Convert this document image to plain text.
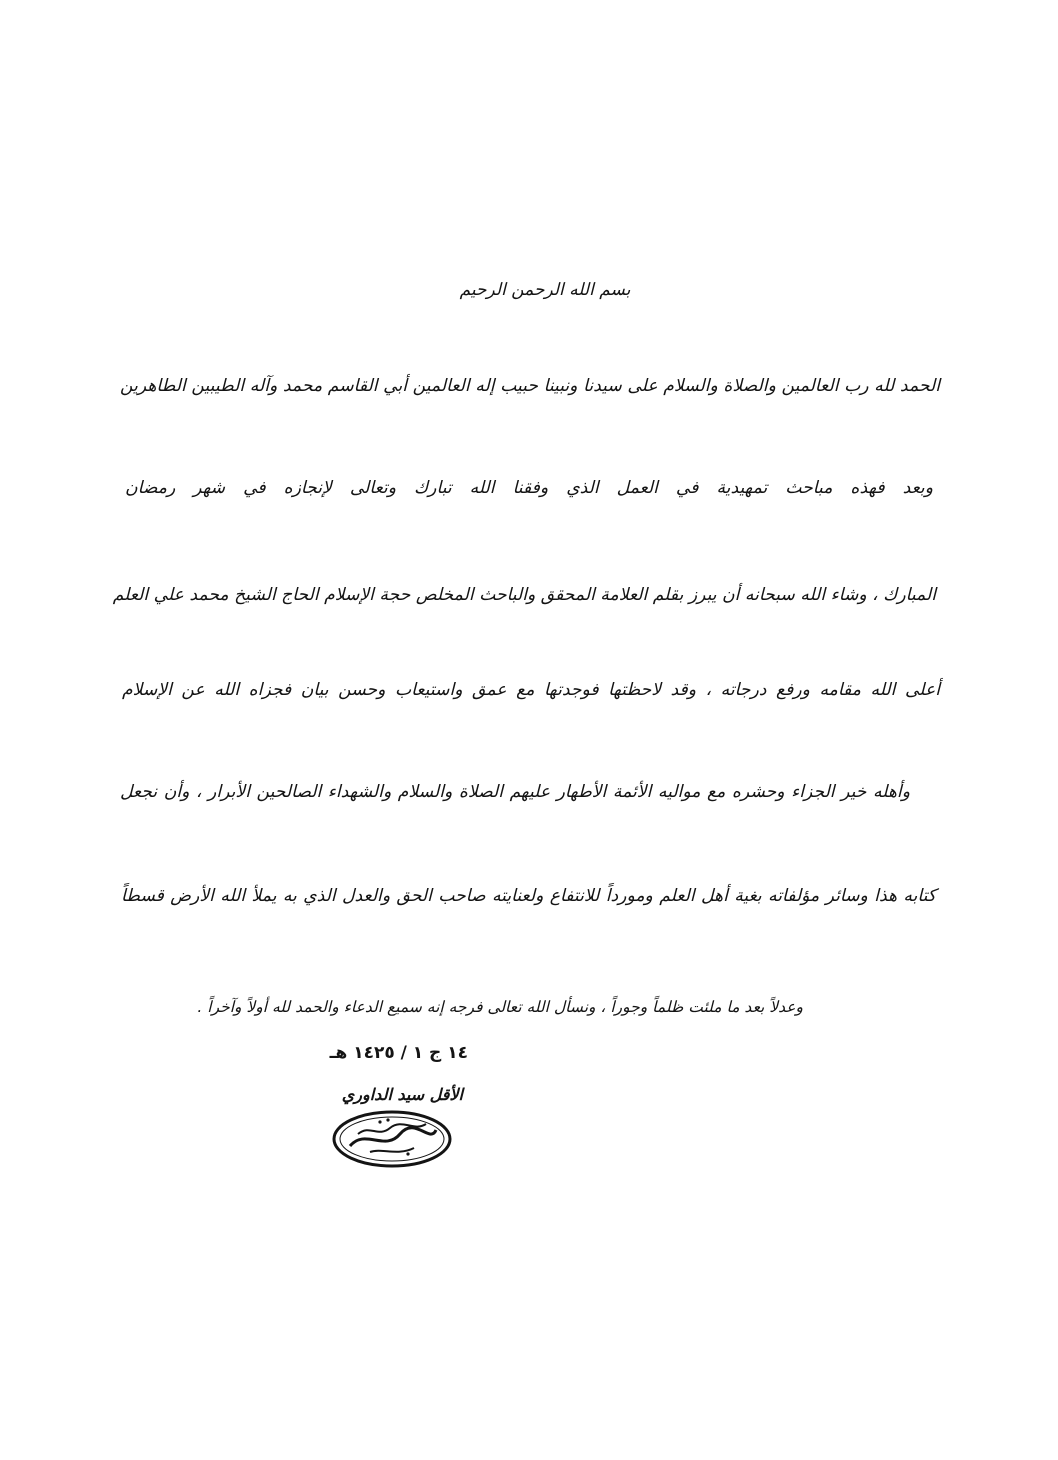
بسم الله الرحمن الرحيم
الحمد لله رب العالمين والصلاة والسلام على سيدنا ونبينا حبيب إله العالمين أبي القاسم محمد وآله الطيبين الطاهرين
وبعد فهذه مباحث تمهيدية في العمل الذي وفقنا الله تبارك وتعالى لإنجازه في شهر رمضان
المبارك ، وشاء الله سبحانه أن يبرز بقلم العلامة المحقق والباحث المخلص حجة الإسلام الحاج الشيخ محمد علي العلم
أعلى الله مقامه ورفع درجاته ، وقد لاحظتها فوجدتها مع عمق واستيعاب وحسن بيان فجزاه الله عن الإسلام
وأهله خير الجزاء وحشره مع مواليه الأئمة الأطهار عليهم الصلاة والسلام والشهداء الصالحين الأبرار ، وأن نجعل
كتابه هذا وسائر مؤلفاته بغية أهل العلم ومورداً للانتفاع ولعنايته صاحب الحق والعدل الذي به يملأ الله الأرض قسطاً
وعدلاً بعد ما ملئت ظلماً وجوراً ، ونسأل الله تعالى فرجه إنه سميع الدعاء والحمد لله أولاً وآخراً .
١٤ ج ١ / ١٤٢٥ هـ
الأقل سيد الداوري
